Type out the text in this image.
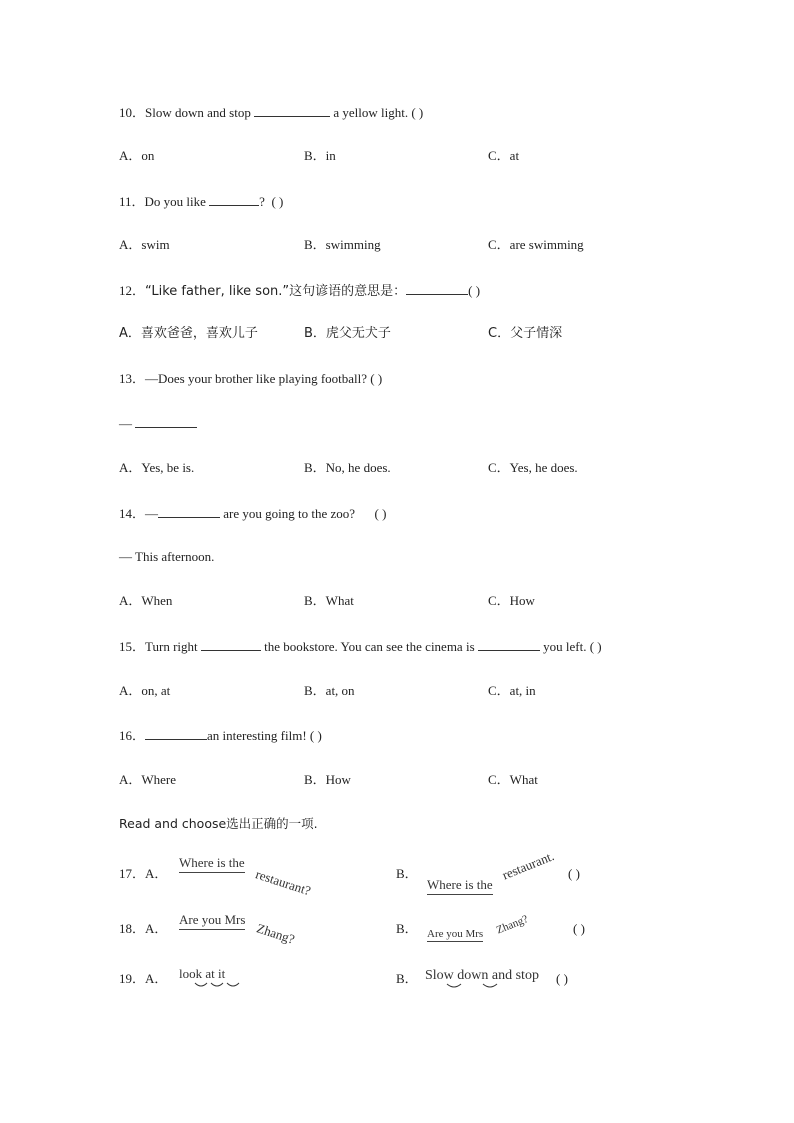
10．Slow down and stop	a yellow light. ( )
A．on	B．in	C．at
11．Do you like	? ( )
A．swim	B．swimming	C．are swimming
12．“Like father, like son.”这句谚语的意思是：	( )
A．喜欢爸爸，喜欢儿子	B．虎父无犬子	C．父子情深
13．—Does your brother like playing football? ( )
—
A．Yes, be is.	B．No, he does.	C．Yes, he does.
14．—	are you going to the zoo? ( )
— This afternoon.
A．When	B．What	C．How
15．Turn right	the bookstore. You can see the cinema is	you left. ( )
A．on, at	B．at, on	C．at, in
16．	an interesting film! ( )
A．Where	B．How	C．What
Read and choose选出正确的一项.
17．A．
Where is the
restaurant?	B．
Where is the
restaurant. ( )
18．A．
Are you Mrs
Zhang?	B． Are you Mrs Zhang?	( )
19．A． look at it	B． Slow down and stop ( )
